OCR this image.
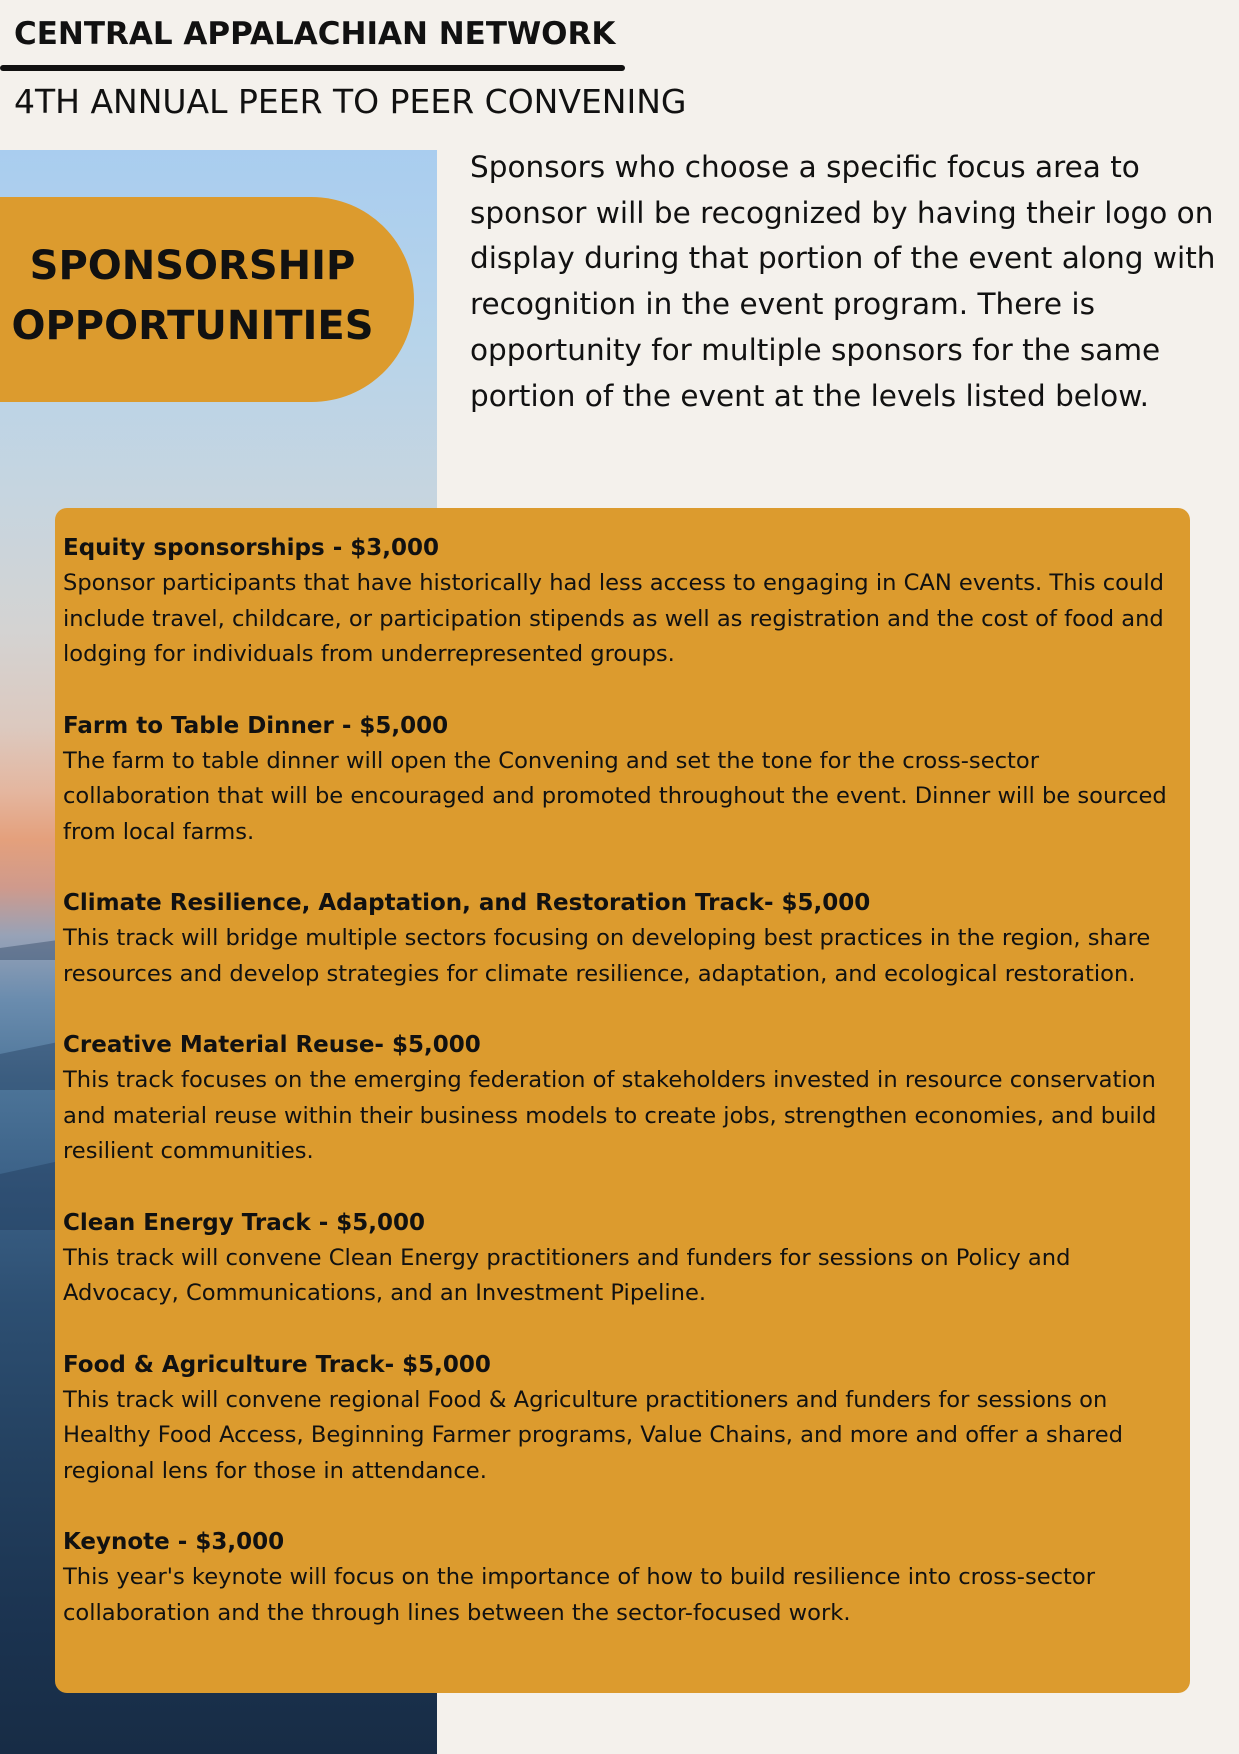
CENTRAL APPALACHIAN NETWORK
4TH ANNUAL PEER TO PEER CONVENING
SPONSORSHIP
OPPORTUNITIES

Sponsors who choose a specific focus area to sponsor will be recognized by having their logo on display during that portion of the event along with recognition in the event program. There is opportunity for multiple sponsors for the same portion of the event at the levels listed below.

Equity sponsorships - $3,000

Sponsor participants that have historically had less access to engaging in CAN events. This could include travel, childcare, or participation stipends as well as registration and the cost of food and lodging for individuals from underrepresented groups.

Farm to Table Dinner - $5,000

The farm to table dinner will open the Convening and set the tone for the cross-sector collaboration that will be encouraged and promoted throughout the event. Dinner will be sourced from local farms.

Climate Resilience, Adaptation, and Restoration Track- $5,000

This track will bridge multiple sectors focusing on developing best practices in the region, share resources and develop strategies for climate resilience, adaptation, and ecological restoration.

Creative Material Reuse- $5,000

This track focuses on the emerging federation of stakeholders invested in resource conservation and material reuse within their business models to create jobs, strengthen economies, and build resilient communities.

Clean Energy Track - $5,000

This track will convene Clean Energy practitioners and funders for sessions on Policy and Advocacy, Communications, and an Investment Pipeline.

Food & Agriculture Track- $5,000

This track will convene regional Food & Agriculture practitioners and funders for sessions on Healthy Food Access, Beginning Farmer programs, Value Chains, and more and offer a shared regional lens for those in attendance.

Keynote - $3,000

This year's keynote will focus on the importance of how to build resilience into cross-sector collaboration and the through lines between the sector-focused work.
